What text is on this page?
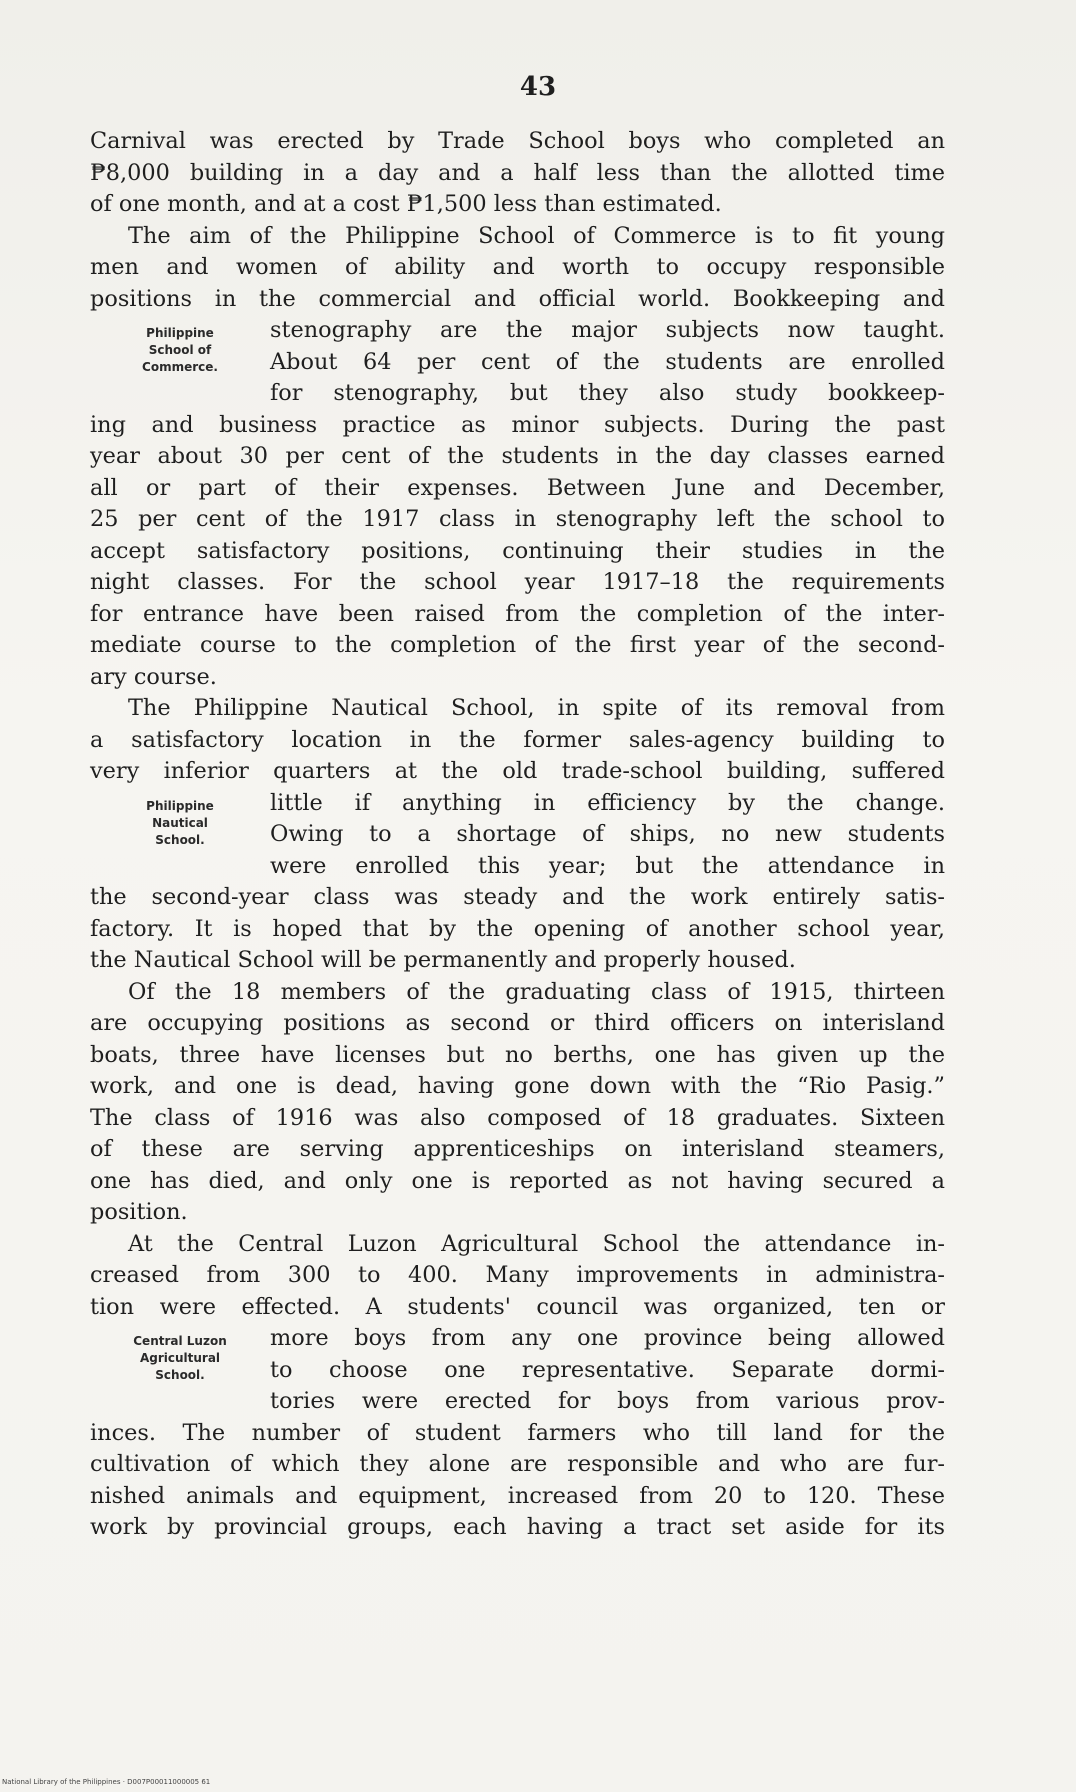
43
Carnival was erected by Trade School boys who completed an
₱8,000 building in a day and a half less than the allotted time
of one month, and at a cost ₱1,500 less than estimated.
The aim of the Philippine School of Commerce is to fit young
men and women of ability and worth to occupy responsible
positions in the commercial and official world. Bookkeeping and
Philippine
School of
Commerce.
stenography are the major subjects now taught.
About 64 per cent of the students are enrolled
for stenography, but they also study bookkeep-
ing and business practice as minor subjects. During the past
year about 30 per cent of the students in the day classes earned
all or part of their expenses. Between June and December,
25 per cent of the 1917 class in stenography left the school to
accept satisfactory positions, continuing their studies in the
night classes. For the school year 1917–18 the requirements
for entrance have been raised from the completion of the inter-
mediate course to the completion of the first year of the second-
ary course.
The Philippine Nautical School, in spite of its removal from
a satisfactory location in the former sales-agency building to
very inferior quarters at the old trade-school building, suffered
Philippine
Nautical
School.
little if anything in efficiency by the change.
Owing to a shortage of ships, no new students
were enrolled this year; but the attendance in
the second-year class was steady and the work entirely satis-
factory. It is hoped that by the opening of another school year,
the Nautical School will be permanently and properly housed.
Of the 18 members of the graduating class of 1915, thirteen
are occupying positions as second or third officers on interisland
boats, three have licenses but no berths, one has given up the
work, and one is dead, having gone down with the “Rio Pasig.”
The class of 1916 was also composed of 18 graduates. Sixteen
of these are serving apprenticeships on interisland steamers,
one has died, and only one is reported as not having secured a
position.
At the Central Luzon Agricultural School the attendance in-
creased from 300 to 400. Many improvements in administra-
tion were effected. A students' council was organized, ten or
Central Luzon
Agricultural
School.
more boys from any one province being allowed
to choose one representative. Separate dormi-
tories were erected for boys from various prov-
inces. The number of student farmers who till land for the
cultivation of which they alone are responsible and who are fur-
nished animals and equipment, increased from 20 to 120. These
work by provincial groups, each having a tract set aside for its
National Library of the Philippines · D007P00011000005 61
